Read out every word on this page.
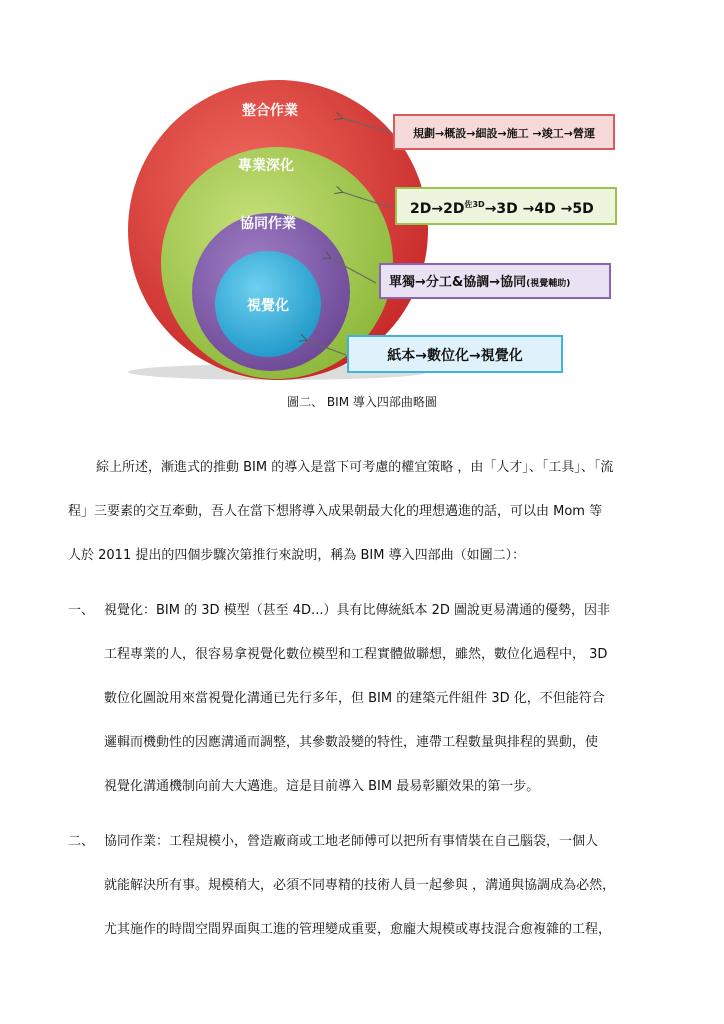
整合作業
專業深化
協同作業
視覺化
規劃→概設→細設→施工 →竣工→營運
$2D\to 2D^{佐3D}\to 3D \to 4D \to 5D$
單獨→分工&協調→協同(視覺輔助)
紙本→數位化→視覺化
圖二、 BIM 導入四部曲略圖
綜上所述，漸進式的推動 BIM 的導入是當下可考慮的權宜策略 ，由「人才」、「工具」、「流
程」三要素的交互牽動，吾人在當下想將導入成果朝最大化的理想邁進的話，可以由 Mom 等
人於 2011 提出的四個步驟次第推行來說明，稱為 BIM 導入四部曲（如圖二）：
一、 視覺化：BIM 的 3D 模型（甚至 4D...）具有比傳統紙本 2D 圖說更易溝通的優勢，因非
工程專業的人，很容易拿視覺化數位模型和工程實體做聯想，雖然，數位化過程中， 3D
數位化圖說用來當視覺化溝通已先行多年，但 BIM 的建築元件組件 3D 化，不但能符合
邏輯而機動性的因應溝通而調整，其參數設變的特性，連帶工程數量與排程的異動，使
視覺化溝通機制向前大大邁進。這是目前導入 BIM 最易彰顯效果的第一步。
二、 協同作業：工程規模小，營造廠商或工地老師傅可以把所有事情裝在自己腦袋，一個人
就能解決所有事。規模稍大，必須不同專精的技術人員一起參與 ，溝通與協調成為必然，
尤其施作的時間空間界面與工進的管理變成重要，愈龐大規模或專技混合愈複雜的工程，
